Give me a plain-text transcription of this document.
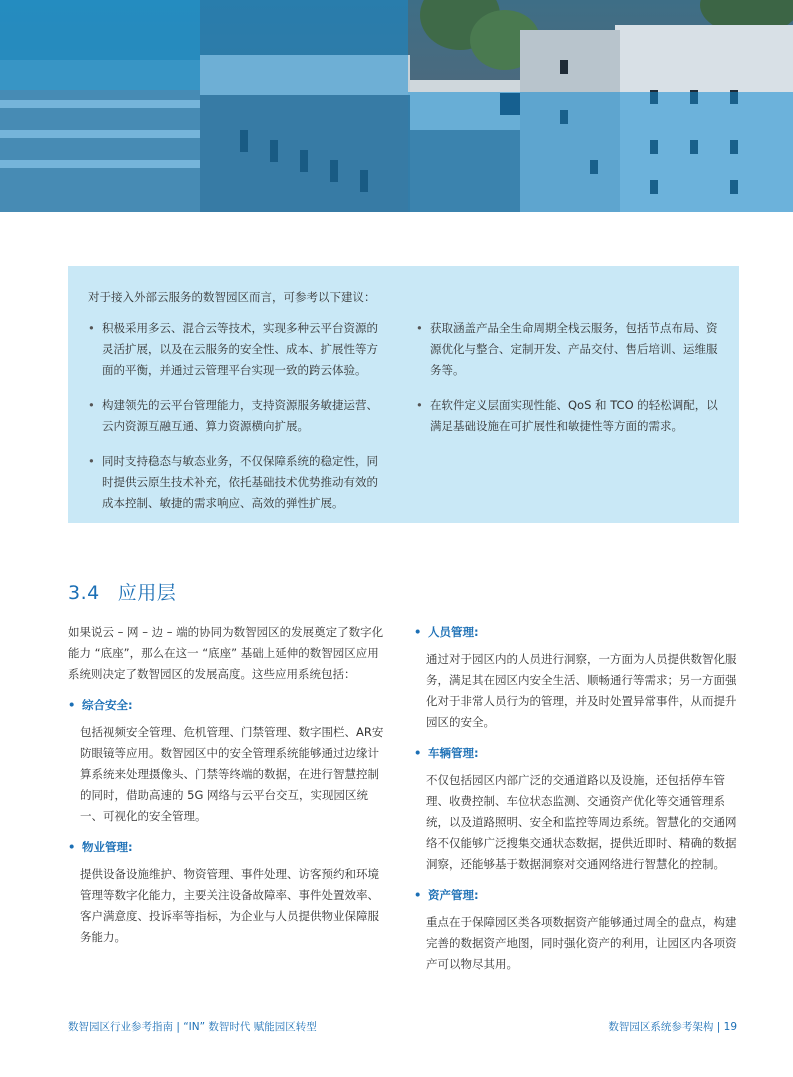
对于接入外部云服务的数智园区而言，可参考以下建议：
• 积极采用多云、混合云等技术，实现多种云平台资源的灵活扩展，以及在云服务的安全性、成本、扩展性等方面的平衡，并通过云管理平台实现一致的跨云体验。
• 构建领先的云平台管理能力，支持资源服务敏捷运营、云内资源互融互通、算力资源横向扩展。
• 同时支持稳态与敏态业务，不仅保障系统的稳定性，同时提供云原生技术补充，依托基础技术优势推动有效的成本控制、敏捷的需求响应、高效的弹性扩展。
• 获取涵盖产品全生命周期全栈云服务，包括节点布局、资源优化与整合、定制开发、产品交付、售后培训、运维服务等。
• 在软件定义层面实现性能、QoS 和 TCO 的轻松调配，以满足基础设施在可扩展性和敏捷性等方面的需求。
3.4 应用层
如果说云 – 网 – 边 – 端的协同为数智园区的发展奠定了数字化能力 “底座”，那么在这一 “底座” 基础上延伸的数智园区应用系统则决定了数智园区的发展高度。这些应用系统包括：
• 综合安全:
包括视频安全管理、危机管理、门禁管理、数字围栏、AR安防眼镜等应用。数智园区中的安全管理系统能够通过边缘计算系统来处理摄像头、门禁等终端的数据，在进行智慧控制的同时，借助高速的 5G 网络与云平台交互，实现园区统一、可视化的安全管理。
• 物业管理:
提供设备设施维护、物资管理、事件处理、访客预约和环境管理等数字化能力，主要关注设备故障率、事件处置效率、客户满意度、投诉率等指标，为企业与人员提供物业保障服务能力。
• 人员管理:
通过对于园区内的人员进行洞察，一方面为人员提供数智化服务，满足其在园区内安全生活、顺畅通行等需求；另一方面强化对于非常人员行为的管理，并及时处置异常事件，从而提升园区的安全。
• 车辆管理:
不仅包括园区内部广泛的交通道路以及设施，还包括停车管理、收费控制、车位状态监测、交通资产优化等交通管理系统，以及道路照明、安全和监控等周边系统。智慧化的交通网络不仅能够广泛搜集交通状态数据，提供近即时、精确的数据洞察，还能够基于数据洞察对交通网络进行智慧化的控制。
• 资产管理:
重点在于保障园区类各项数据资产能够通过周全的盘点，构建完善的数据资产地图，同时强化资产的利用，让园区内各项资产可以物尽其用。
数智园区行业参考指南 | “IN” 数智时代 赋能园区转型	数智园区系统参考架构 | 19
